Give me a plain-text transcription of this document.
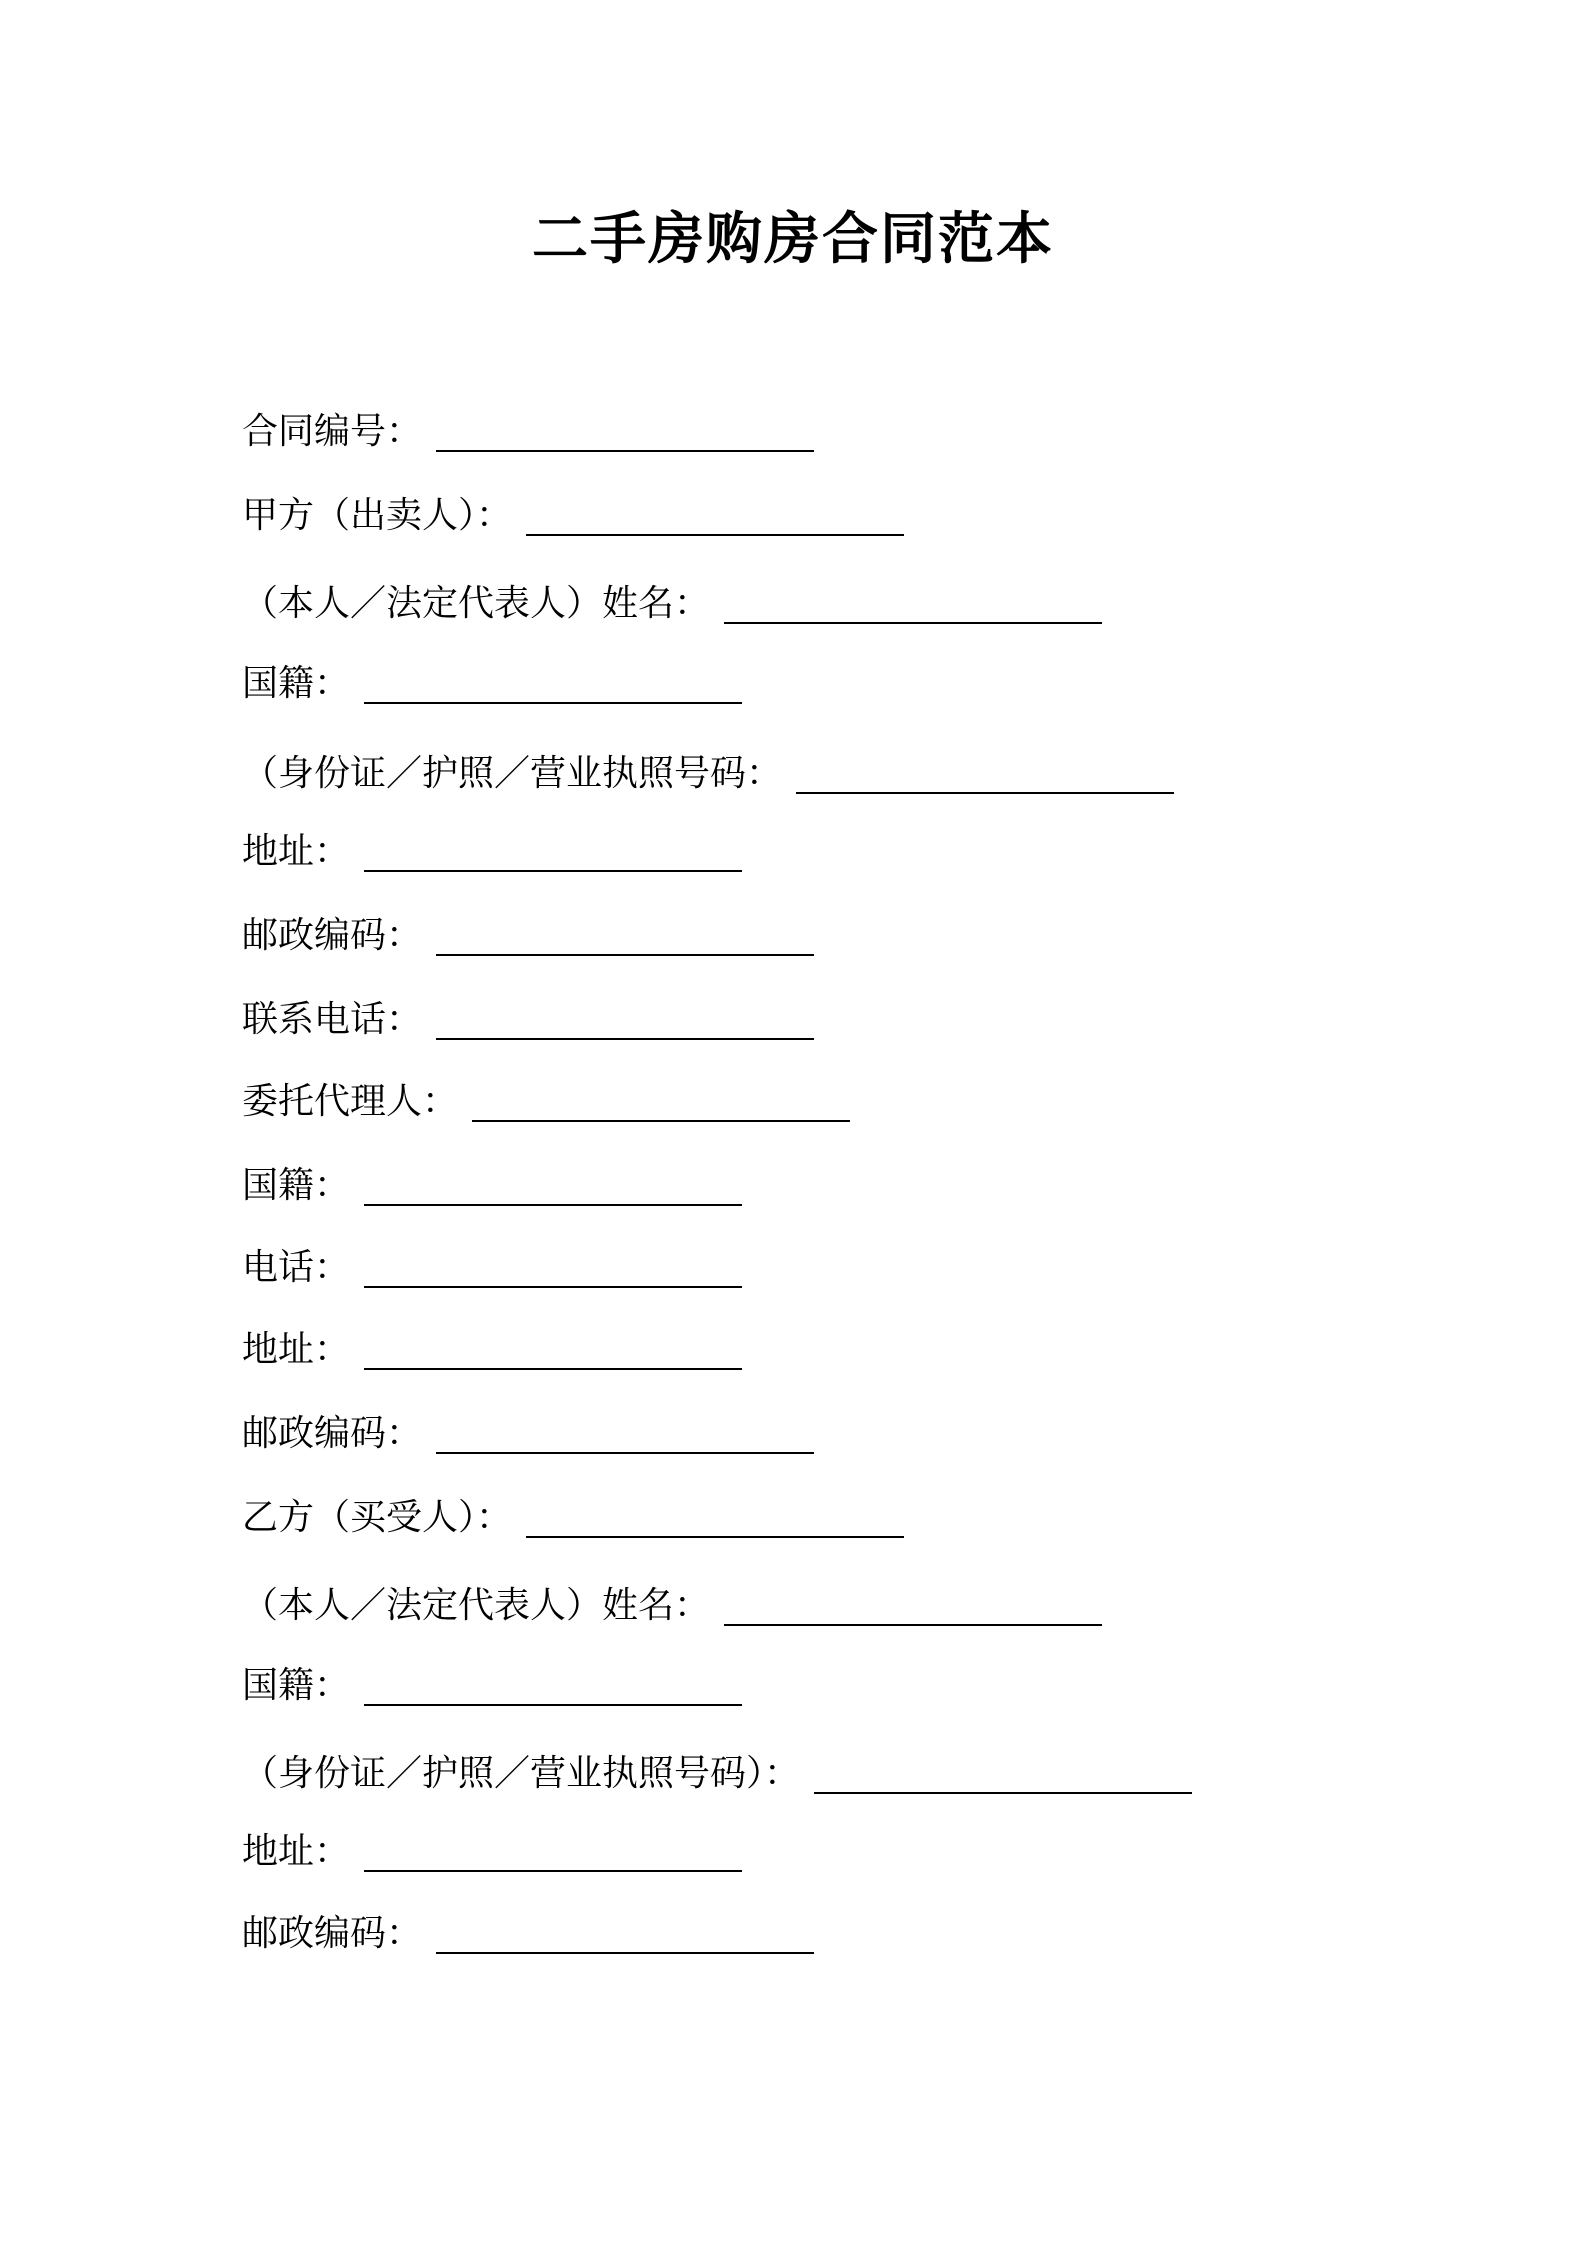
二手房购房合同范本
合同编号：
甲方（出卖人）：
（本人／法定代表人）姓名：
国籍：
（身份证／护照／营业执照号码：
地址：
邮政编码：
联系电话：
委托代理人：
国籍：
电话：
地址：
邮政编码：
乙方（买受人）：
（本人／法定代表人）姓名：
国籍：
（身份证／护照／营业执照号码）：
地址：
邮政编码：
